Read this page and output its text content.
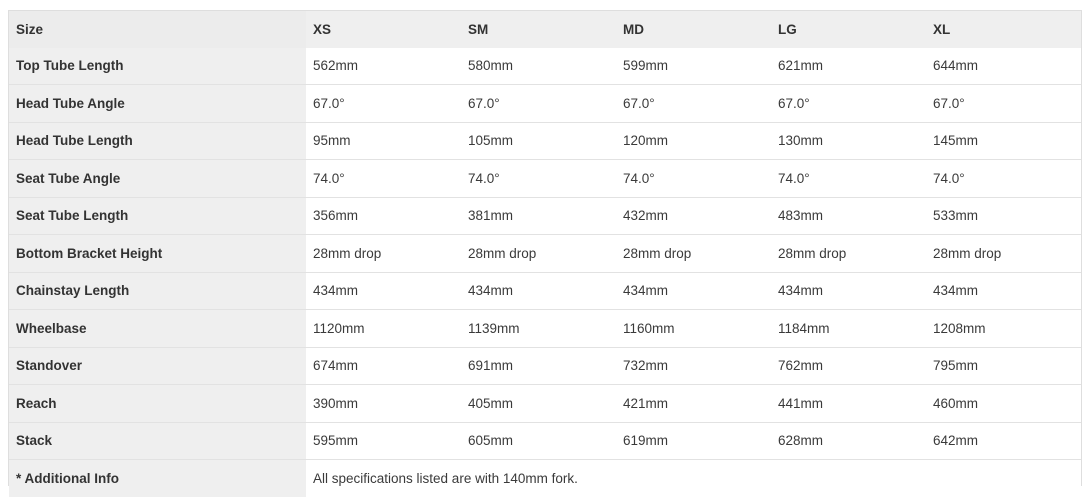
Size	XS	SM	MD	LG	XL
Top Tube Length	562mm	580mm	599mm	621mm	644mm
Head Tube Angle	67.0°	67.0°	67.0°	67.0°	67.0°
Head Tube Length	95mm	105mm	120mm	130mm	145mm
Seat Tube Angle	74.0°	74.0°	74.0°	74.0°	74.0°
Seat Tube Length	356mm	381mm	432mm	483mm	533mm
Bottom Bracket Height	28mm drop	28mm drop	28mm drop	28mm drop	28mm drop
Chainstay Length	434mm	434mm	434mm	434mm	434mm
Wheelbase	1120mm	1139mm	1160mm	1184mm	1208mm
Standover	674mm	691mm	732mm	762mm	795mm
Reach	390mm	405mm	421mm	441mm	460mm
Stack	595mm	605mm	619mm	628mm	642mm
* Additional Info	All specifications listed are with 140mm fork.				
